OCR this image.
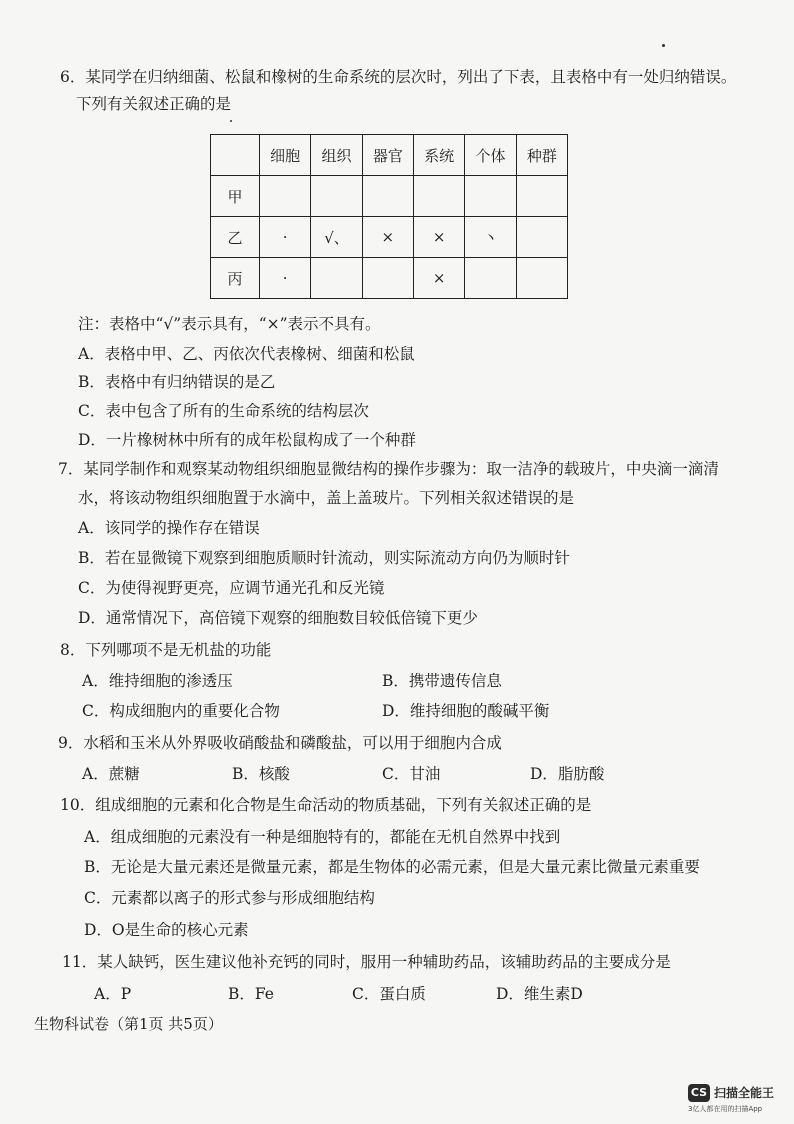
6．某同学在归纳细菌、松鼠和橡树的生命系统的层次时，列出了下表，且表格中有一处归纳错误。
下列有关叙述正确的是
	细胞	组织	器官	系统	个体	种群
甲						
乙	·	√、	×	×	丶	
丙	·			×		
注：表格中“√”表示具有，“×”表示不具有。
A．表格中甲、乙、丙依次代表橡树、细菌和松鼠
B．表格中有归纳错误的是乙
C．表中包含了所有的生命系统的结构层次
D．一片橡树林中所有的成年松鼠构成了一个种群
7．某同学制作和观察某动物组织细胞显微结构的操作步骤为：取一洁净的载玻片，中央滴一滴清
水，将该动物组织细胞置于水滴中，盖上盖玻片。下列相关叙述错误的是
A．该同学的操作存在错误
B．若在显微镜下观察到细胞质顺时针流动，则实际流动方向仍为顺时针
C．为使得视野更亮，应调节通光孔和反光镜
D．通常情况下，高倍镜下观察的细胞数目较低倍镜下更少
8．下列哪项不是无机盐的功能
A．维持细胞的渗透压	B．携带遗传信息
C．构成细胞内的重要化合物	D．维持细胞的酸碱平衡
9．水稻和玉米从外界吸收硝酸盐和磷酸盐，可以用于细胞内合成
A．蔗糖	B．核酸	C．甘油	D．脂肪酸
10．组成细胞的元素和化合物是生命活动的物质基础，下列有关叙述正确的是
A．组成细胞的元素没有一种是细胞特有的，都能在无机自然界中找到
B．无论是大量元素还是微量元素，都是生物体的必需元素，但是大量元素比微量元素重要
C．元素都以离子的形式参与形成细胞结构
D．O是生命的核心元素
11．某人缺钙，医生建议他补充钙的同时，服用一种辅助药品，该辅助药品的主要成分是
A．P	B．Fe	C．蛋白质	D．维生素D
生物科试卷（第1页 共5页）
CS 扫描全能王
3亿人都在用的扫描App
